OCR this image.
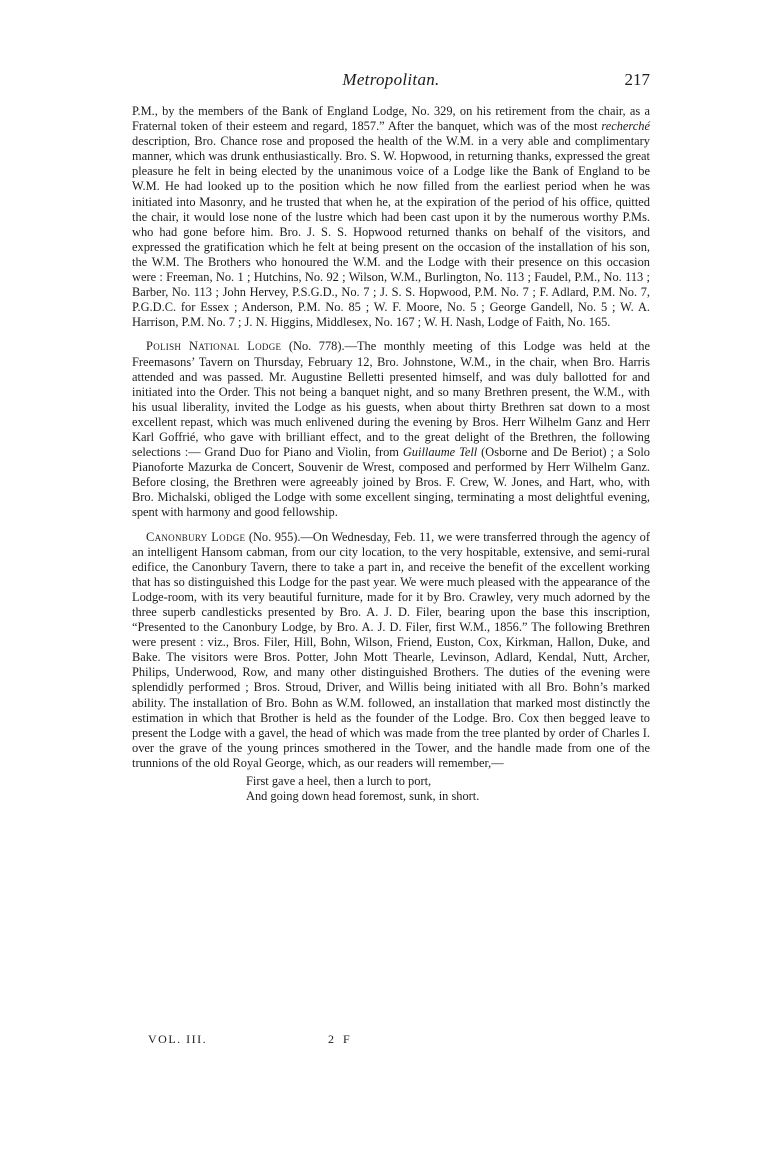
Metropolitan.	217

P.M., by the members of the Bank of England Lodge, No. 329, on his retirement from the chair, as a Fraternal token of their esteem and regard, 1857.” After the banquet, which was of the most recherché description, Bro. Chance rose and proposed the health of the W.M. in a very able and complimentary manner, which was drunk enthusiastically. Bro. S. W. Hopwood, in returning thanks, expressed the great pleasure he felt in being elected by the unanimous voice of a Lodge like the Bank of England to be W.M. He had looked up to the position which he now filled from the earliest period when he was initiated into Masonry, and he trusted that when he, at the expiration of the period of his office, quitted the chair, it would lose none of the lustre which had been cast upon it by the numerous worthy P.Ms. who had gone before him. Bro. J. S. S. Hopwood returned thanks on behalf of the visitors, and expressed the gratification which he felt at being present on the occasion of the installation of his son, the W.M. The Brothers who honoured the W.M. and the Lodge with their presence on this occasion were : Freeman, No. 1 ; Hutchins, No. 92 ; Wilson, W.M., Burlington, No. 113 ; Faudel, P.M., No. 113 ; Barber, No. 113 ; John Hervey, P.S.G.D., No. 7 ; J. S. S. Hopwood, P.M. No. 7 ; F. Adlard, P.M. No. 7, P.G.D.C. for Essex ; Anderson, P.M. No. 85 ; W. F. Moore, No. 5 ; George Gandell, No. 5 ; W. A. Harrison, P.M. No. 7 ; J. N. Higgins, Middlesex, No. 167 ; W. H. Nash, Lodge of Faith, No. 165.

Polish National Lodge (No. 778).—The monthly meeting of this Lodge was held at the Freemasons’ Tavern on Thursday, February 12, Bro. Johnstone, W.M., in the chair, when Bro. Harris attended and was passed. Mr. Augustine Belletti presented himself, and was duly ballotted for and initiated into the Order. This not being a banquet night, and so many Brethren present, the W.M., with his usual liberality, invited the Lodge as his guests, when about thirty Brethren sat down to a most excellent repast, which was much enlivened during the evening by Bros. Herr Wilhelm Ganz and Herr Karl Goffrié, who gave with brilliant effect, and to the great delight of the Brethren, the following selections :— Grand Duo for Piano and Violin, from Guillaume Tell (Osborne and De Beriot) ; a Solo Pianoforte Mazurka de Concert, Souvenir de Wrest, composed and performed by Herr Wilhelm Ganz. Before closing, the Brethren were agreeably joined by Bros. F. Crew, W. Jones, and Hart, who, with Bro. Michalski, obliged the Lodge with some excellent singing, terminating a most delightful evening, spent with harmony and good fellowship.

Canonbury Lodge (No. 955).—On Wednesday, Feb. 11, we were transferred through the agency of an intelligent Hansom cabman, from our city location, to the very hospitable, extensive, and semi-rural edifice, the Canonbury Tavern, there to take a part in, and receive the benefit of the excellent working that has so distinguished this Lodge for the past year. We were much pleased with the appearance of the Lodge-room, with its very beautiful furniture, made for it by Bro. Crawley, very much adorned by the three superb candlesticks presented by Bro. A. J. D. Filer, bearing upon the base this inscription, “Presented to the Canonbury Lodge, by Bro. A. J. D. Filer, first W.M., 1856.” The following Brethren were present : viz., Bros. Filer, Hill, Bohn, Wilson, Friend, Euston, Cox, Kirkman, Hallon, Duke, and Bake. The visitors were Bros. Potter, John Mott Thearle, Levinson, Adlard, Kendal, Nutt, Archer, Philips, Underwood, Row, and many other distinguished Brothers. The duties of the evening were splendidly performed ; Bros. Stroud, Driver, and Willis being initiated with all Bro. Bohn’s marked ability. The installation of Bro. Bohn as W.M. followed, an installation that marked most distinctly the estimation in which that Brother is held as the founder of the Lodge. Bro. Cox then begged leave to present the Lodge with a gavel, the head of which was made from the tree planted by order of Charles I. over the grave of the young princes smothered in the Tower, and the handle made from one of the trunnions of the old Royal George, which, as our readers will remember,—

First gave a heel, then a lurch to port,
And going down head foremost, sunk, in short.
VOL. III.	2 F
